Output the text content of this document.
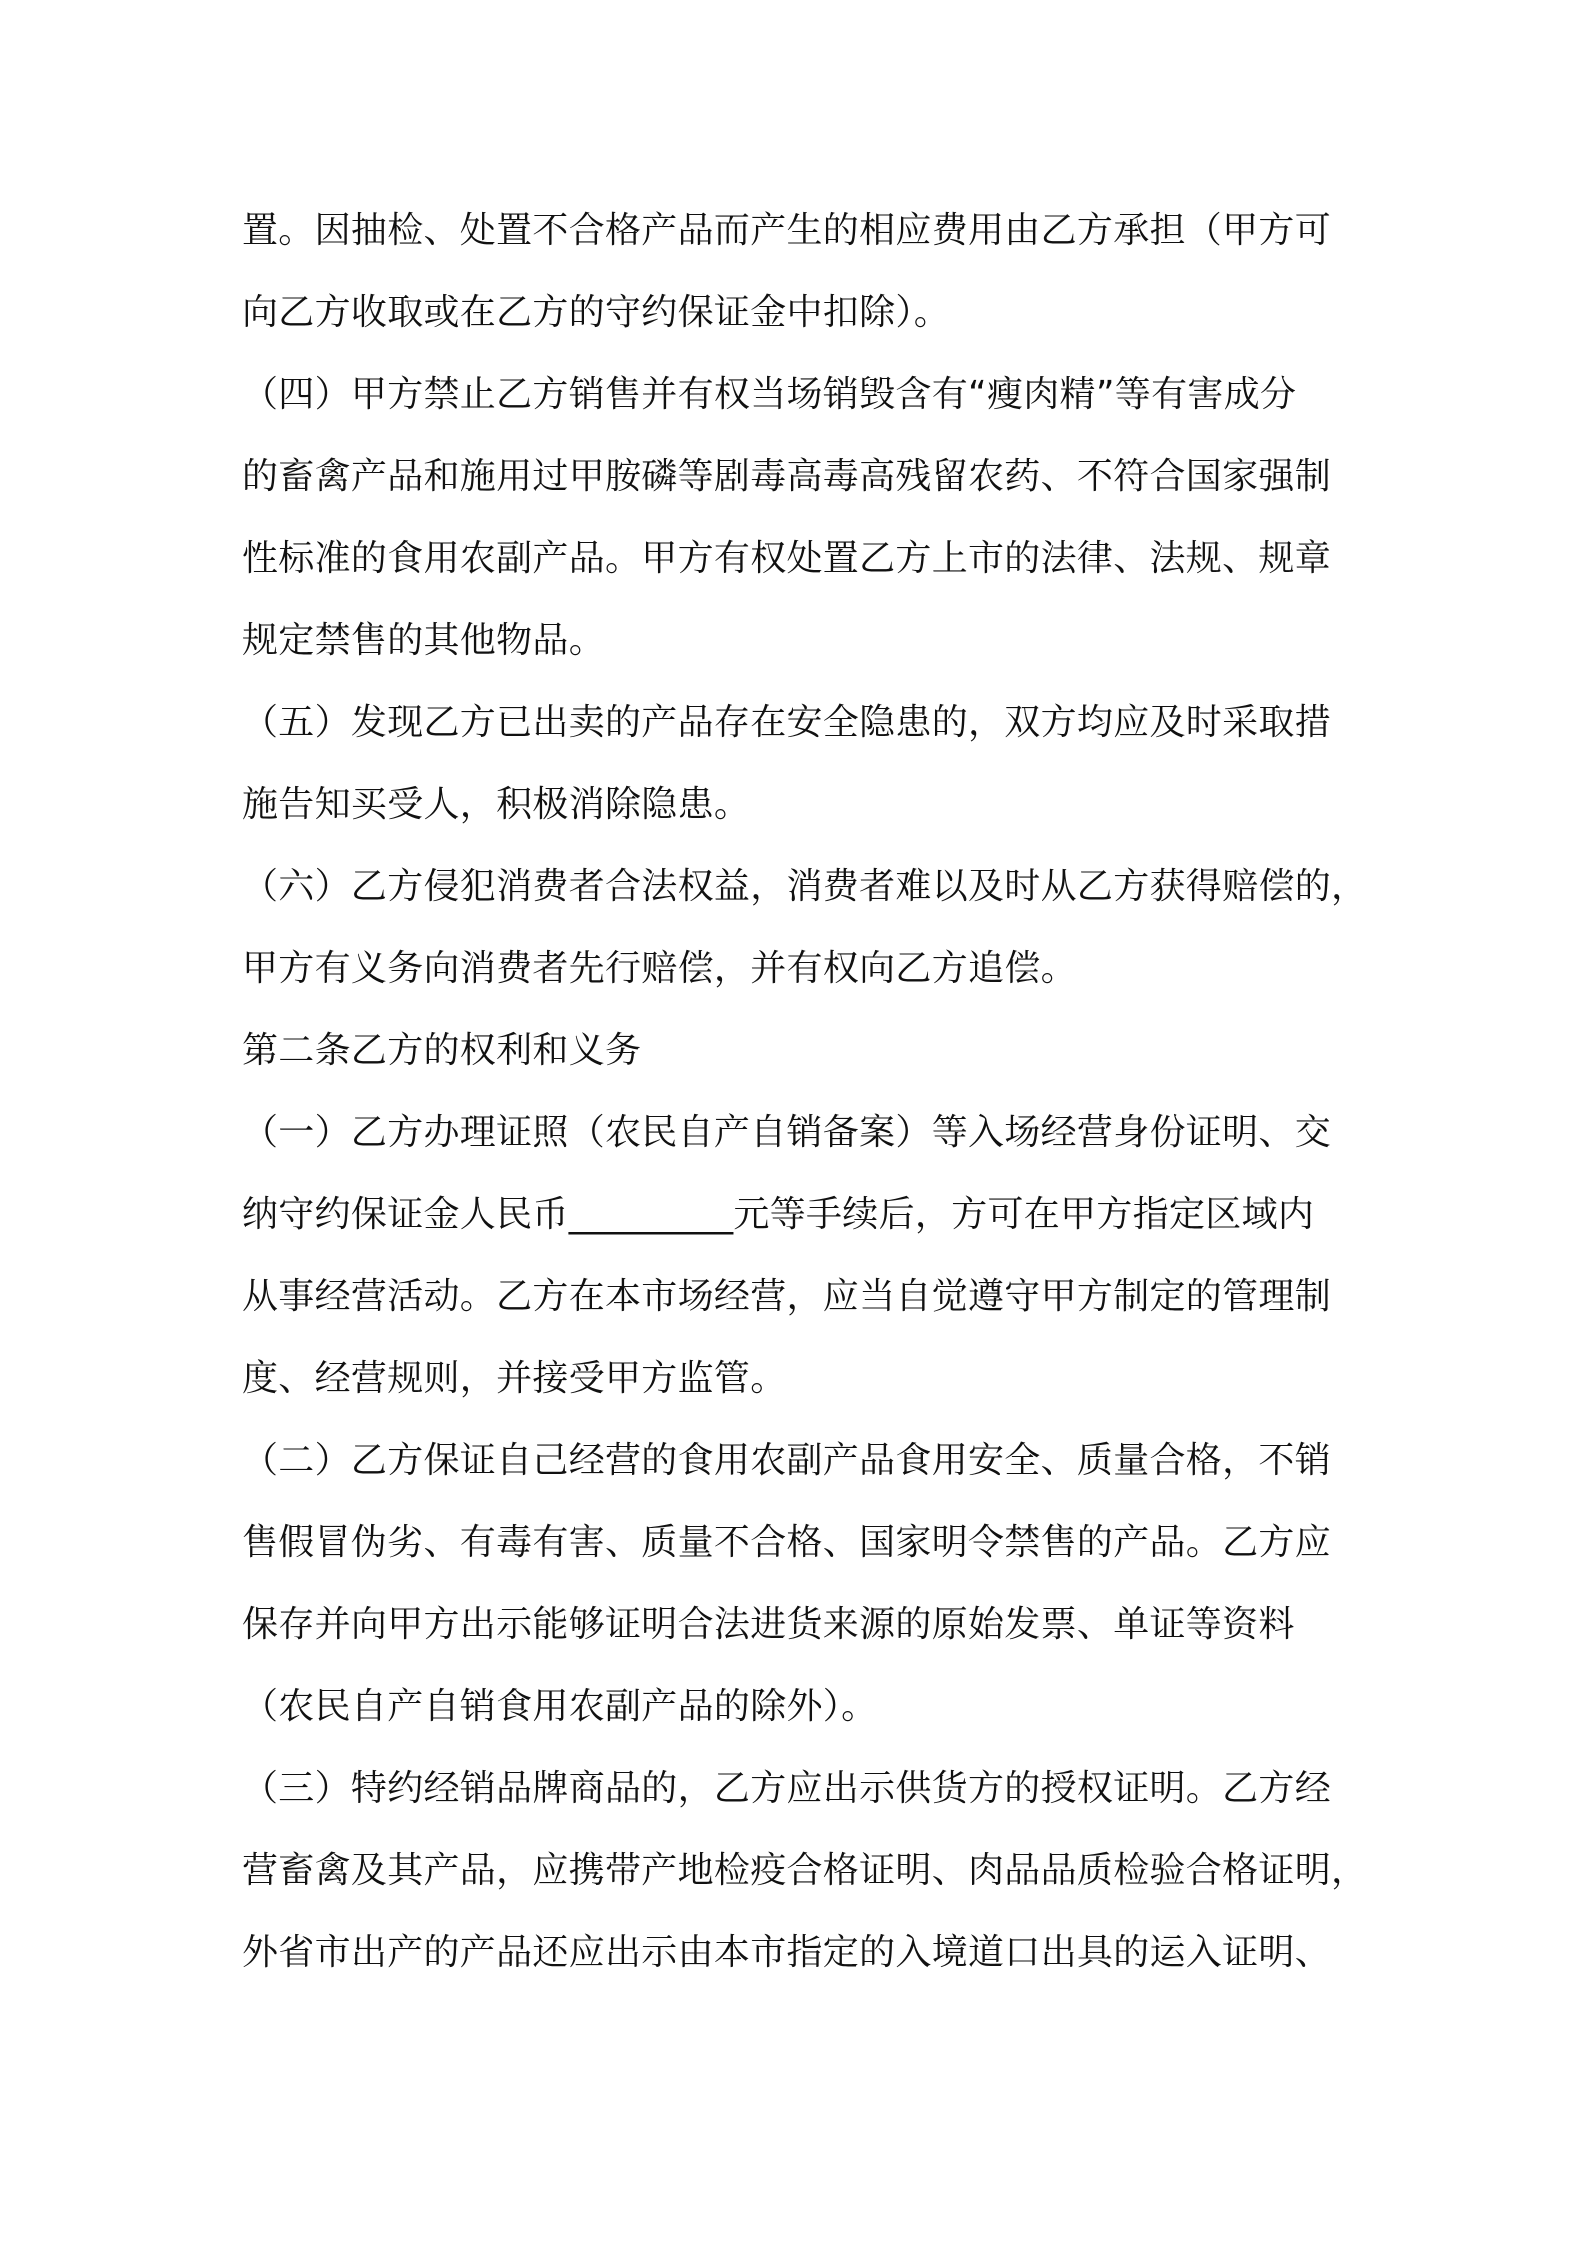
置。因抽检、处置不合格产品而产生的相应费用由乙方承担（甲方可
向乙方收取或在乙方的守约保证金中扣除）。
（四）甲方禁止乙方销售并有权当场销毁含有“瘦肉精”等有害成分
的畜禽产品和施用过甲胺磷等剧毒高毒高残留农药、不符合国家强制
性标准的食用农副产品。甲方有权处置乙方上市的法律、法规、规章
规定禁售的其他物品。
（五）发现乙方已出卖的产品存在安全隐患的，双方均应及时采取措
施告知买受人，积极消除隐患。
（六）乙方侵犯消费者合法权益，消费者难以及时从乙方获得赔偿的，
甲方有义务向消费者先行赔偿，并有权向乙方追偿。
第二条乙方的权利和义务
（一）乙方办理证照（农民自产自销备案）等入场经营身份证明、交
纳守约保证金人民币_________元等手续后，方可在甲方指定区域内
从事经营活动。乙方在本市场经营，应当自觉遵守甲方制定的管理制
度、经营规则，并接受甲方监管。
（二）乙方保证自己经营的食用农副产品食用安全、质量合格，不销
售假冒伪劣、有毒有害、质量不合格、国家明令禁售的产品。乙方应
保存并向甲方出示能够证明合法进货来源的原始发票、单证等资料
（农民自产自销食用农副产品的除外）。
（三）特约经销品牌商品的，乙方应出示供货方的授权证明。乙方经
营畜禽及其产品，应携带产地检疫合格证明、肉品品质检验合格证明，
外省市出产的产品还应出示由本市指定的入境道口出具的运入证明、
